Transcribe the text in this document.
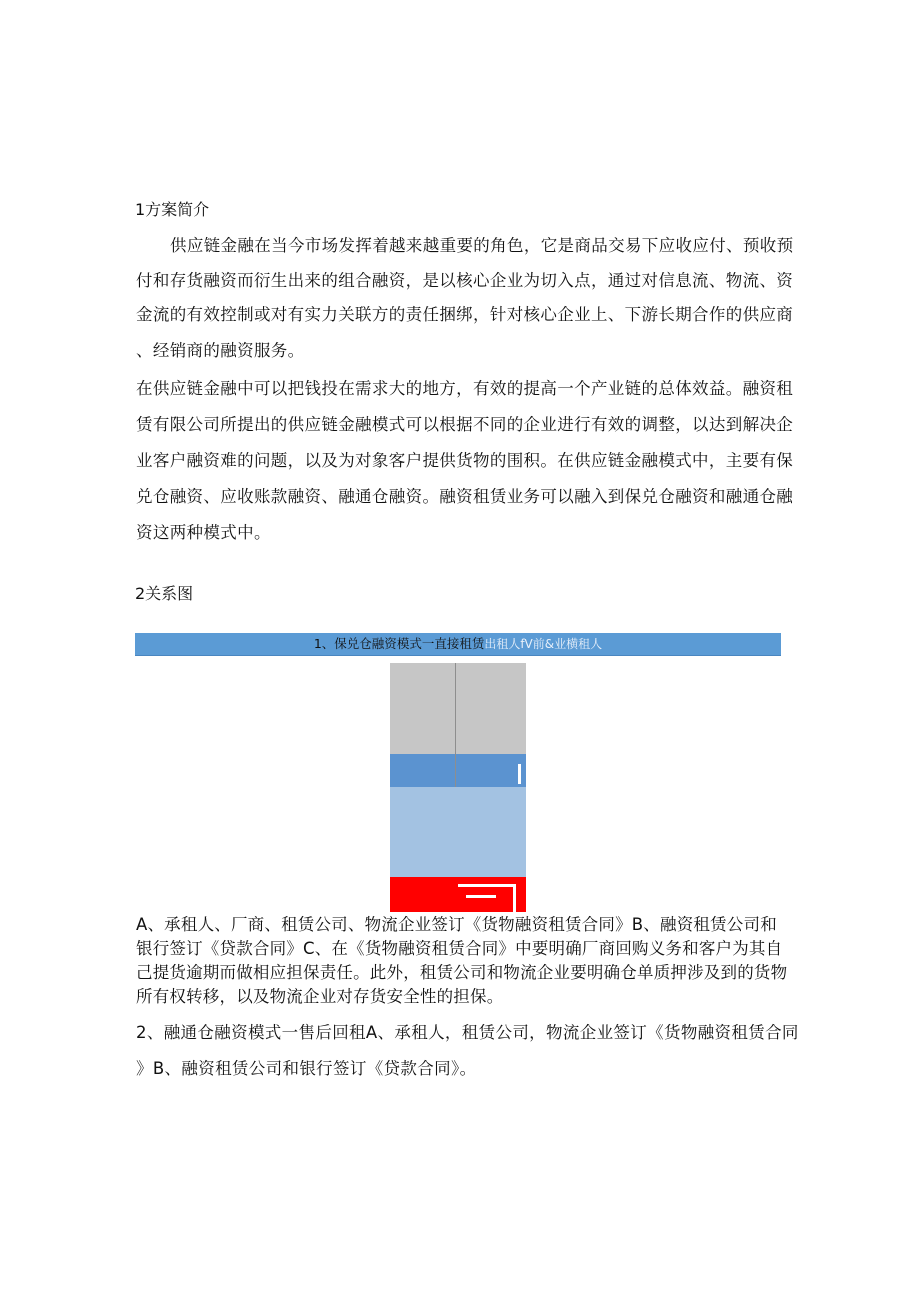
1方案简介
供应链金融在当今市场发挥着越来越重要的角色，它是商品交易下应收应付、预收预
付和存货融资而衍生出来的组合融资，是以核心企业为切入点，通过对信息流、物流、资
金流的有效控制或对有实力关联方的责任捆绑，针对核心企业上、下游长期合作的供应商
、经销商的融资服务。
在供应链金融中可以把钱投在需求大的地方，有效的提高一个产业链的总体效益。融资租
赁有限公司所提出的供应链金融模式可以根据不同的企业进行有效的调整，以达到解决企
业客户融资难的问题，以及为对象客户提供货物的围积。在供应链金融模式中，主要有保
兑仓融资、应收账款融资、融通仓融资。融资租赁业务可以融入到保兑仓融资和融通仓融
资这两种模式中。
2关系图
1、保兑仓融资模式一直接租赁出租人fV前&业横租人
A、承租人、厂商、租赁公司、物流企业签订《货物融资租赁合同》B、融资租赁公司和
银行签订《贷款合同》C、在《货物融资租赁合同》中要明确厂商回购义务和客户为其自
己提货逾期而做相应担保责任。此外，租赁公司和物流企业要明确仓单质押涉及到的货物
所有权转移，以及物流企业对存货安全性的担保。
2、融通仓融资模式一售后回租A、承租人，租赁公司，物流企业签订《货物融资租赁合同
》B、融资租赁公司和银行签订《贷款合同》。
